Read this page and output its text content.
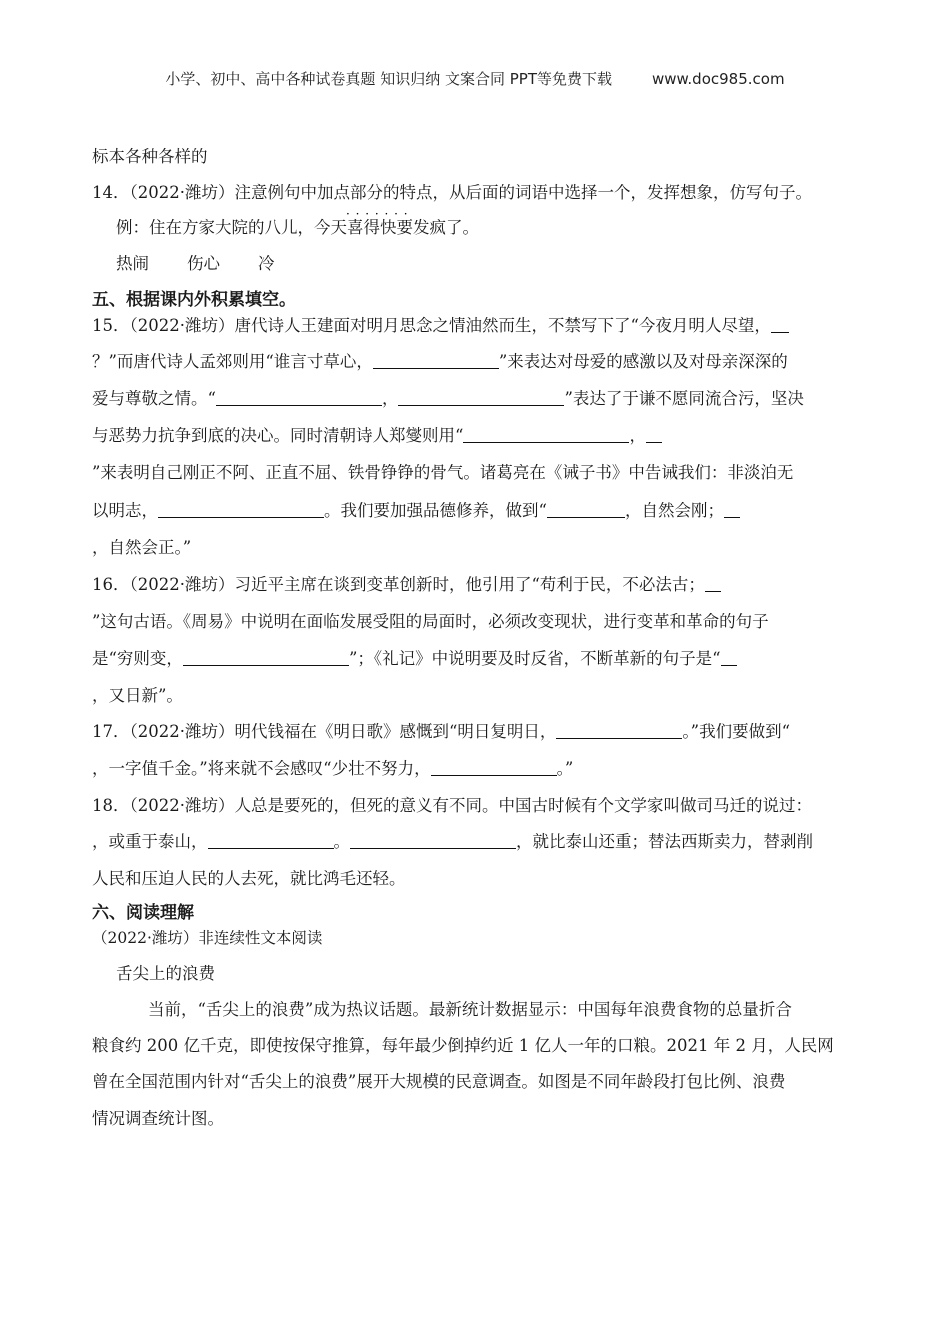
小学、初中、高中各种试卷真题 知识归纳 文案合同 PPT等免费下载	www.doc985.com
标本各种各样的
14．（2022·潍坊）注意例句中加点部分的特点，从后面的词语中选择一个，发挥想象，仿写句子。
例：住在方家大院的八儿，今天喜得快要发疯了 · · ·。
热闹 伤心 冷
五、根据课内外积累填空。
15．（2022·潍坊）唐代诗人王建面对明月思念之情油然而生，不禁写下了“今夜月明人尽望，
？”而唐代诗人孟郊则用“谁言寸草心，	”来表达对母爱的感激以及对母亲深深的
爱与尊敬之情。“	，	”表达了于谦不愿同流合污，坚决
与恶势力抗争到底的决心。同时清朝诗人郑燮则用“	，
”来表明自己刚正不阿、正直不屈、铁骨铮铮的骨气。诸葛亮在《诫子书》中告诫我们：非淡泊无
以明志，	。我们要加强品德修养，做到“	，自然会刚；
，自然会正。”
16．（2022·潍坊）习近平主席在谈到变革创新时，他引用了“苟利于民，不必法古；
”这句古语。《周易》中说明在面临发展受阻的局面时，必须改变现状，进行变革和革命的句子
是“穷则变，	”；《礼记》中说明要及时反省，不断革新的句子是“
，又日新”。
17．（2022·潍坊）明代钱福在《明日歌》感慨到“明日复明日，	。”我们要做到“
，一字值千金。”将来就不会感叹“少壮不努力，	。”
18．（2022·潍坊）人总是要死的，但死的意义有不同。中国古时候有个文学家叫做司马迁的说过：
，或重于泰山，	。	，就比泰山还重；替法西斯卖力，替剥削
人民和压迫人民的人去死，就比鸿毛还轻。
六、阅读理解
（2022·潍坊）非连续性文本阅读
舌尖上的浪费
当前，“舌尖上的浪费”成为热议话题。最新统计数据显示：中国每年浪费食物的总量折合
粮食约 200 亿千克，即使按保守推算，每年最少倒掉约近 1 亿人一年的口粮。2021 年 2 月，人民网
曾在全国范围内针对“舌尖上的浪费”展开大规模的民意调查。如图是不同年龄段打包比例、浪费
情况调查统计图。
